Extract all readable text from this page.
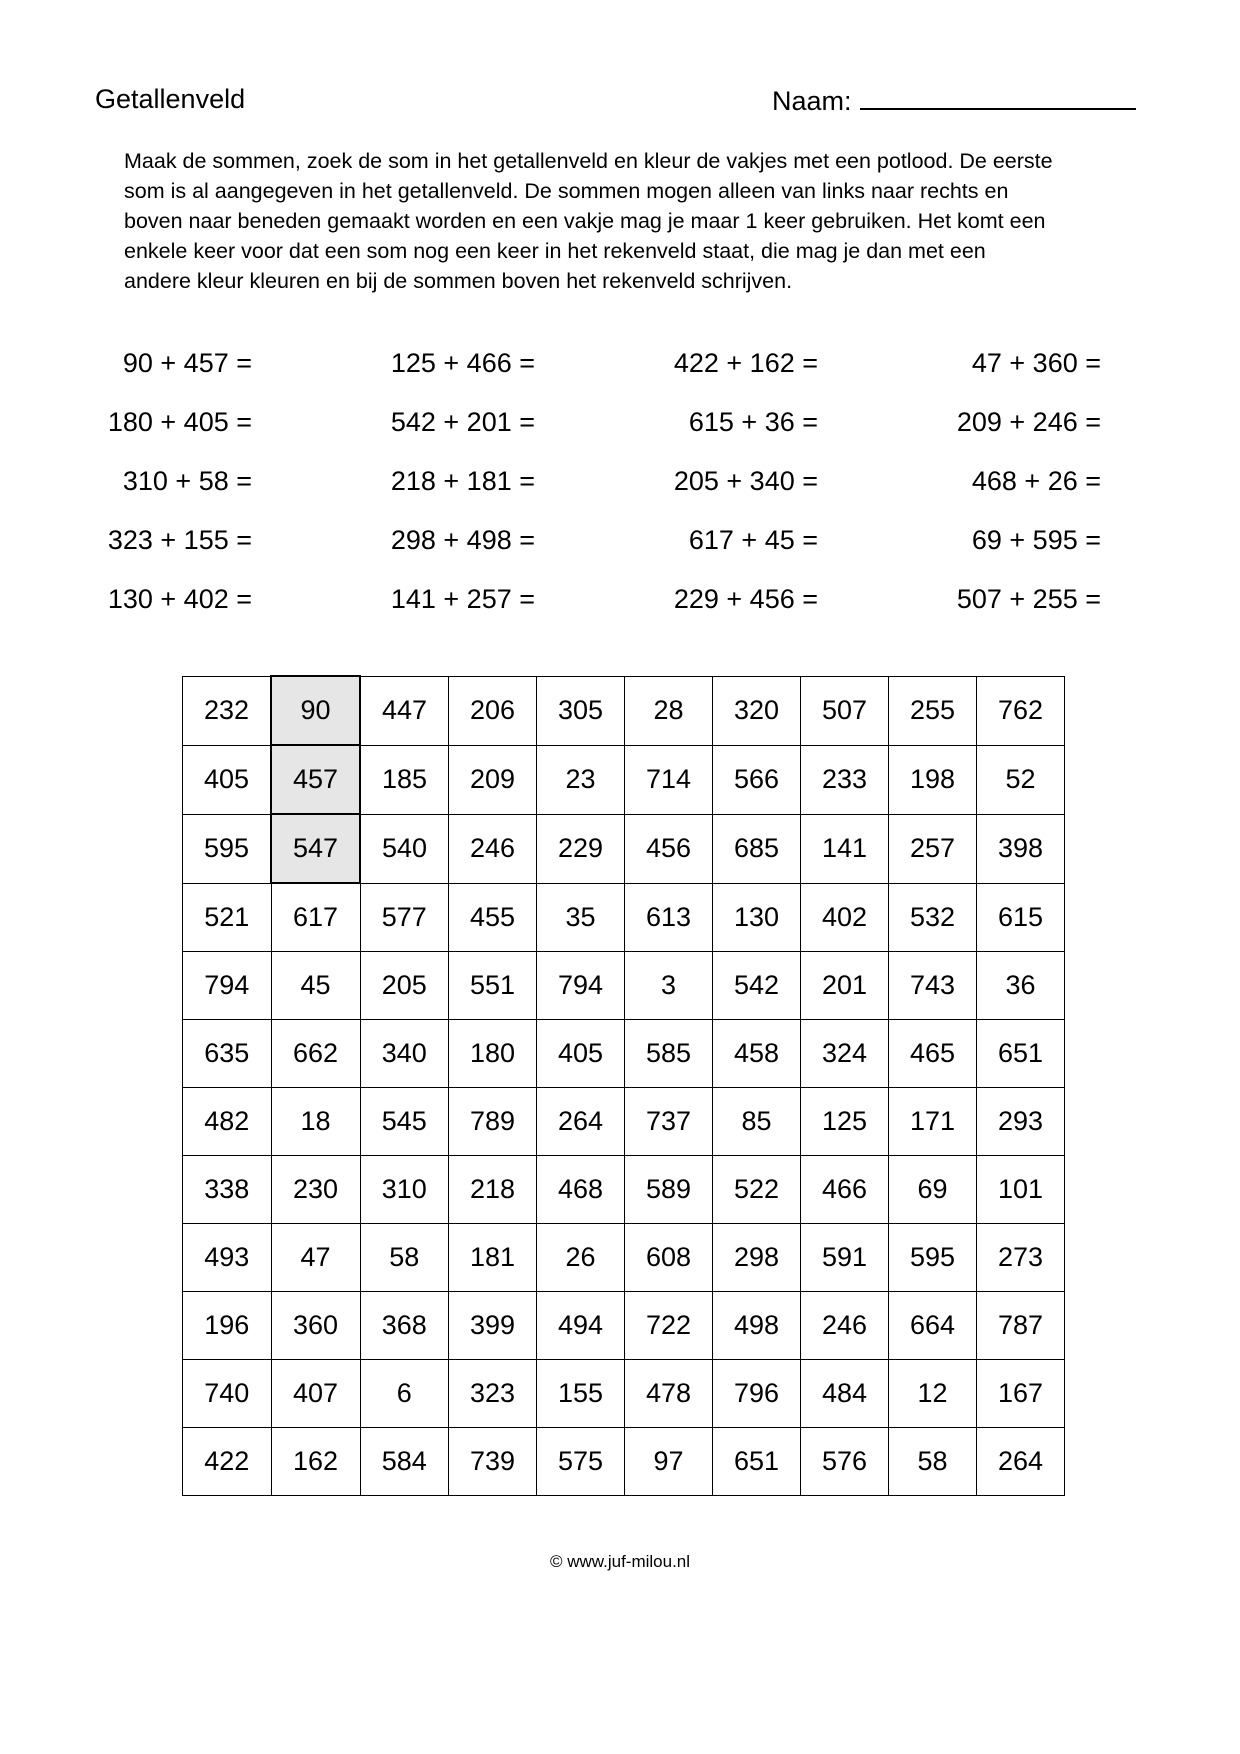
Getallenveld	Naam:
Maak de sommen, zoek de som in het getallenveld en kleur de vakjes met een potlood. De eerste
som is al aangegeven in het getallenveld. De sommen mogen alleen van links naar rechts en
boven naar beneden gemaakt worden en een vakje mag je maar 1 keer gebruiken. Het komt een
enkele keer voor dat een som nog een keer in het rekenveld staat, die mag je dan met een
andere kleur kleuren en bij de sommen boven het rekenveld schrijven.
90 + 457 =	125 + 466 =	422 + 162 =	47 + 360 =
180 + 405 =	542 + 201 =	615 + 36 =	209 + 246 =
310 + 58 =	218 + 181 =	205 + 340 =	468 + 26 =
323 + 155 =	298 + 498 =	617 + 45 =	69 + 595 =
130 + 402 =	141 + 257 =	229 + 456 =	507 + 255 =
232	90	447	206	305	28	320	507	255	762
405	457	185	209	23	714	566	233	198	52
595	547	540	246	229	456	685	141	257	398
521	617	577	455	35	613	130	402	532	615
794	45	205	551	794	3	542	201	743	36
635	662	340	180	405	585	458	324	465	651
482	18	545	789	264	737	85	125	171	293
338	230	310	218	468	589	522	466	69	101
493	47	58	181	26	608	298	591	595	273
196	360	368	399	494	722	498	246	664	787
740	407	6	323	155	478	796	484	12	167
422	162	584	739	575	97	651	576	58	264
© www.juf-milou.nl
